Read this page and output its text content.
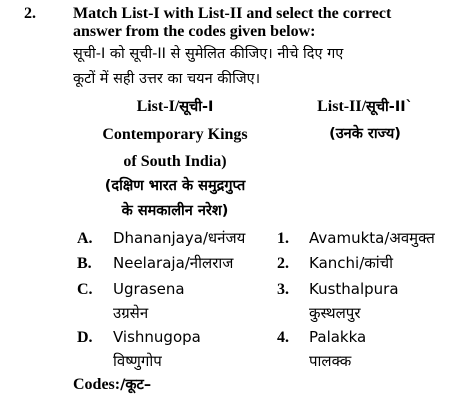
2. Match List-I with List-II and select the correct
answer from the codes given below:
सूची-I को सूची-II से सुमेलित कीजिए। नीचे दिए गए
कूटों में सही उत्तर का चयन कीजिए।
List-I/सूची-I
Contemporary Kings
of South India)
(दक्षिण भारत के समुद्रगुप्त
के समकालीन नरेश)
List-II/सूची-II`
(उनके राज्य)
A. Dhananjaya/धनंजय
B. Neelaraja/नीलराज
C. Ugrasena
उग्रसेन
D. Vishnugopa
विष्णुगोप
1. Avamukta/अवमुक्त
2. Kanchi/कांची
3. Kusthalpura
कुस्थलपुर
4. Palakka
पालक्क
Codes:/कूट–
